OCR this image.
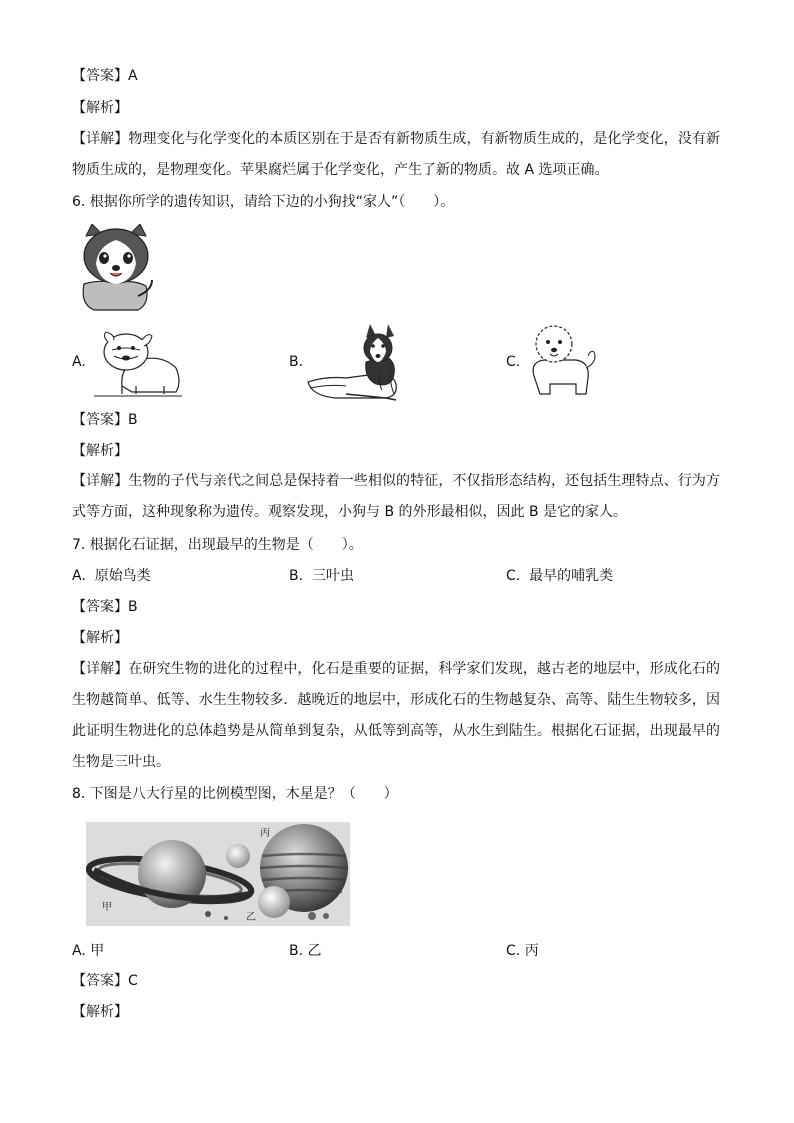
【答案】A
【解析】
【详解】物理变化与化学变化的本质区别在于是否有新物质生成，有新物质生成的，是化学变化，没有新物质生成的，是物理变化。苹果腐烂属于化学变化，产生了新的物质。故 A 选项正确。
6. 根据你所学的遗传知识，请给下边的小狗找“家人”（　　）。
A.	B.	C.
【答案】B
【解析】
【详解】生物的子代与亲代之间总是保持着一些相似的特征，不仅指形态结构，还包括生理特点、行为方式等方面，这种现象称为遗传。观察发现，小狗与 B 的外形最相似，因此 B 是它的家人。
7. 根据化石证据，出现最早的生物是（　　）。
A. 原始鸟类	B. 三叶虫	C. 最早的哺乳类
【答案】B
【解析】
【详解】在研究生物的进化的过程中，化石是重要的证据，科学家们发现，越古老的地层中，形成化石的生物越简单、低等、水生生物较多．越晚近的地层中，形成化石的生物越复杂、高等、陆生生物较多，因此证明生物进化的总体趋势是从简单到复杂，从低等到高等，从水生到陆生。根据化石证据，出现最早的生物是三叶虫。
8. 下图是八大行星的比例模型图，木星是？（　　）
甲
乙
丙
A. 甲	B. 乙	C. 丙
【答案】C
【解析】
